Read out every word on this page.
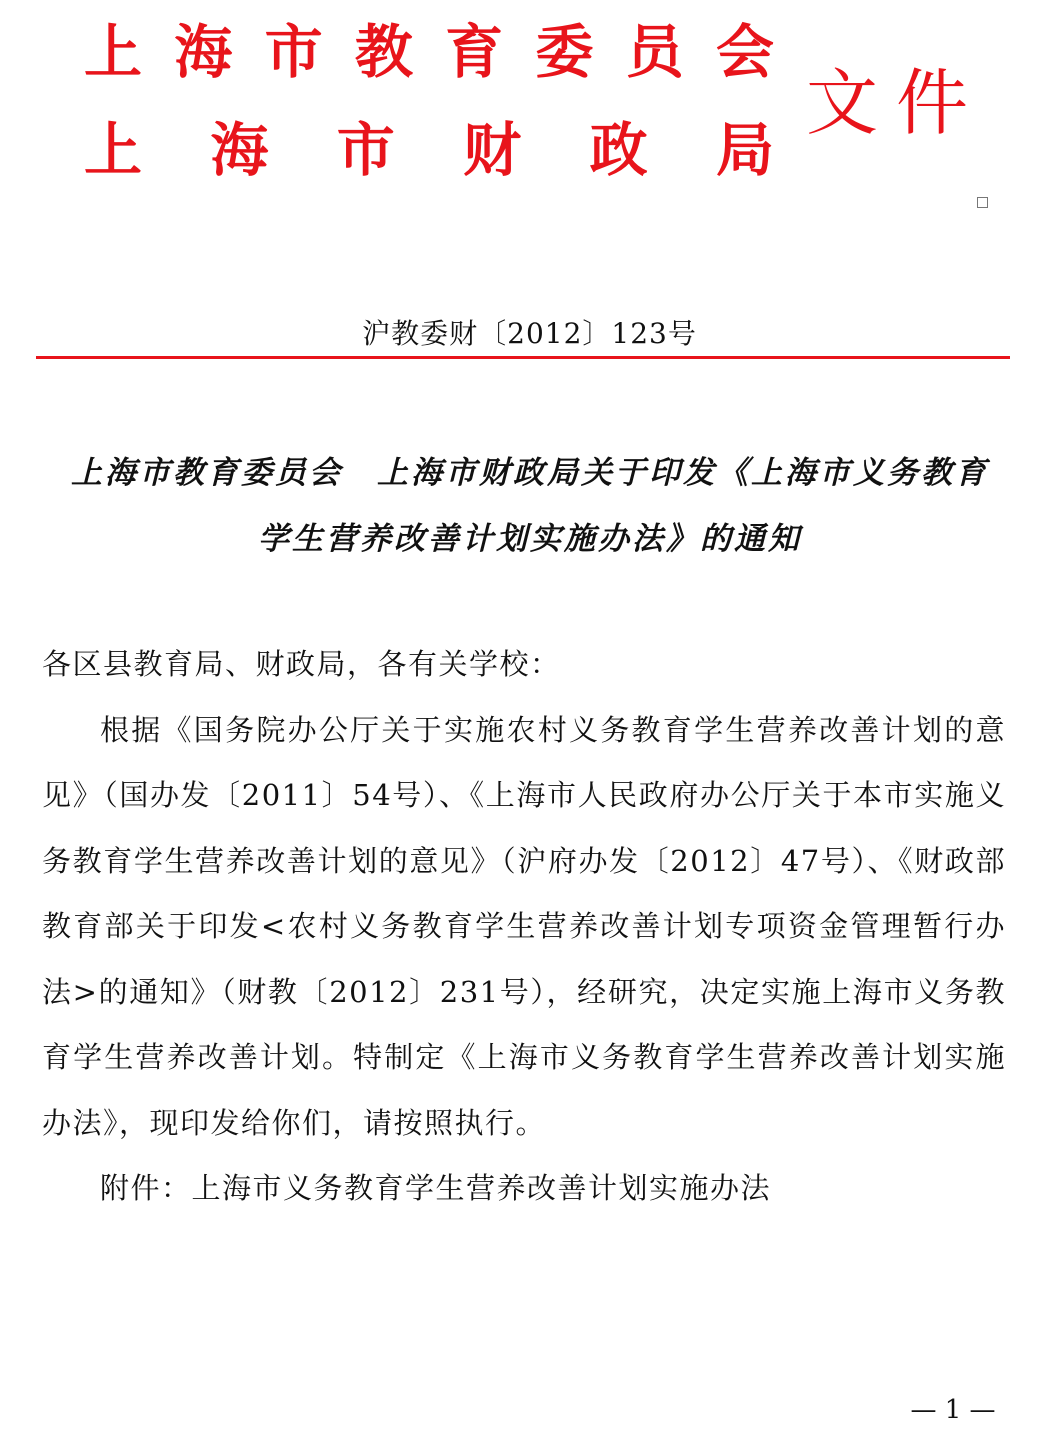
上 海 市 教 育 委 员 会
上 海 市 财 政 局
文件
沪教委财〔2012〕123号
上海市教育委员会　上海市财政局关于印发《上海市义务教育学生营养改善计划实施办法》的通知

各区县教育局、财政局，各有关学校：

根据《国务院办公厅关于实施农村义务教育学生营养改善计划的意见》（国办发〔2011〕54号）、《上海市人民政府办公厅关于本市实施义务教育学生营养改善计划的意见》（沪府办发〔2012〕47号）、《财政部 教育部关于印发<农村义务教育学生营养改善计划专项资金管理暂行办法>的通知》（财教〔2012〕231号），经研究，决定实施上海市义务教育学生营养改善计划。特制定《上海市义务教育学生营养改善计划实施办法》，现印发给你们，请按照执行。

附件：上海市义务教育学生营养改善计划实施办法

— 1 —
